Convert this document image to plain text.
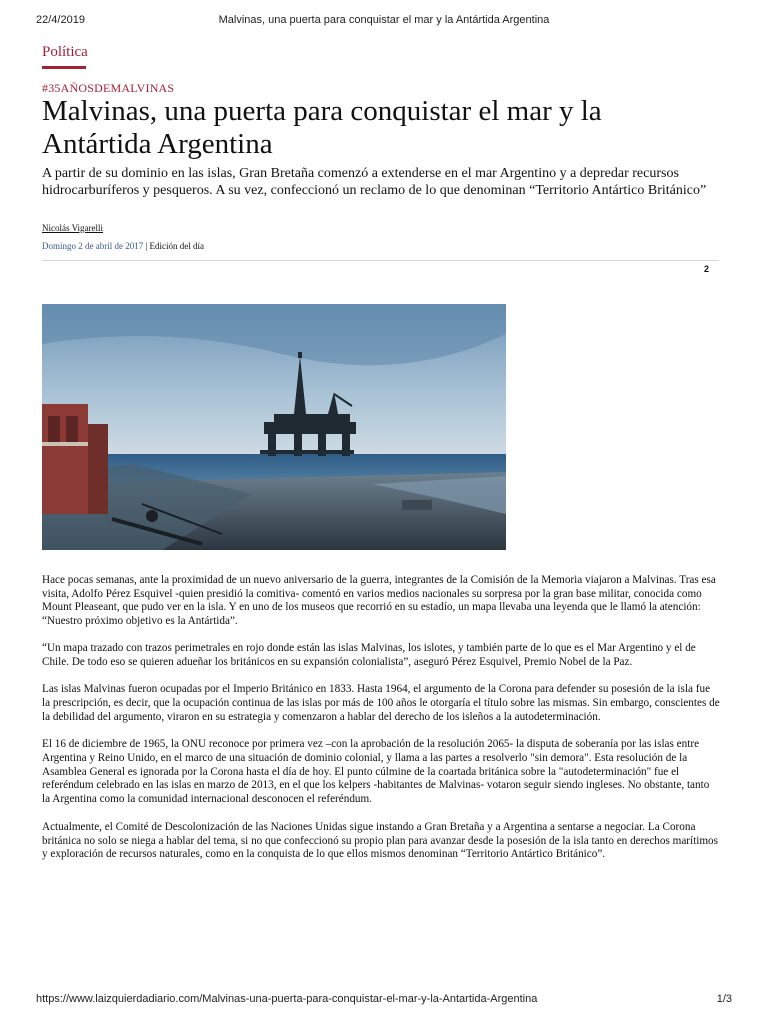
22/4/2019	Malvinas, una puerta para conquistar el mar y la Antártida Argentina
Política
#35AÑOSDEMALVINAS
Malvinas, una puerta para conquistar el mar y la Antártida Argentina

A partir de su dominio en las islas, Gran Bretaña comenzó a extenderse en el mar Argentino y a depredar recursos hidrocarburíferos y pesqueros. A su vez, confeccionó un reclamo de lo que denominan “Territorio Antártico Británico”

Nicolás Vigarelli
Domingo 2 de abril de 2017 | Edición del día
2

Hace pocas semanas, ante la proximidad de un nuevo aniversario de la guerra, integrantes de la Comisión de la Memoria viajaron a Malvinas. Tras esa visita, Adolfo Pérez Esquivel -quien presidió la comitiva- comentó en varios medios nacionales su sorpresa por la gran base militar, conocida como Mount Pleaseant, que pudo ver en la isla. Y en uno de los museos que recorrió en su estadío, un mapa llevaba una leyenda que le llamó la atención: “Nuestro próximo objetivo es la Antártida”.

“Un mapa trazado con trazos perimetrales en rojo donde están las islas Malvinas, los islotes, y también parte de lo que es el Mar Argentino y el de Chile. De todo eso se quieren adueñar los británicos en su expansión colonialista”, aseguró Pérez Esquivel, Premio Nobel de la Paz.

Las islas Malvinas fueron ocupadas por el Imperio Británico en 1833. Hasta 1964, el argumento de la Corona para defender su posesión de la isla fue la prescripción, es decir, que la ocupación continua de las islas por más de 100 años le otorgaría el título sobre las mismas. Sin embargo, conscientes de la debilidad del argumento, viraron en su estrategia y comenzaron a hablar del derecho de los isleños a la autodeterminación.

El 16 de diciembre de 1965, la ONU reconoce por primera vez –con la aprobación de la resolución 2065- la disputa de soberanía por las islas entre Argentina y Reino Unido, en el marco de una situación de dominio colonial, y llama a las partes a resolverlo "sin demora". Esta resolución de la Asamblea General es ignorada por la Corona hasta el día de hoy. El punto cúlmine de la coartada británica sobre la "autodeterminación" fue el referéndum celebrado en las islas en marzo de 2013, en el que los kelpers -habitantes de Malvinas- votaron seguir siendo ingleses. No obstante, tanto la Argentina como la comunidad internacional desconocen el referéndum.

Actualmente, el Comité de Descolonización de las Naciones Unidas sigue instando a Gran Bretaña y a Argentina a sentarse a negociar. La Corona británica no solo se niega a hablar del tema, si no que confeccionó su propio plan para avanzar desde la posesión de la isla tanto en derechos marítimos y exploración de recursos naturales, como en la conquista de lo que ellos mismos denominan “Territorio Antártico Británico”.

https://www.laizquierdadiario.com/Malvinas-una-puerta-para-conquistar-el-mar-y-la-Antartida-Argentina	1/3
